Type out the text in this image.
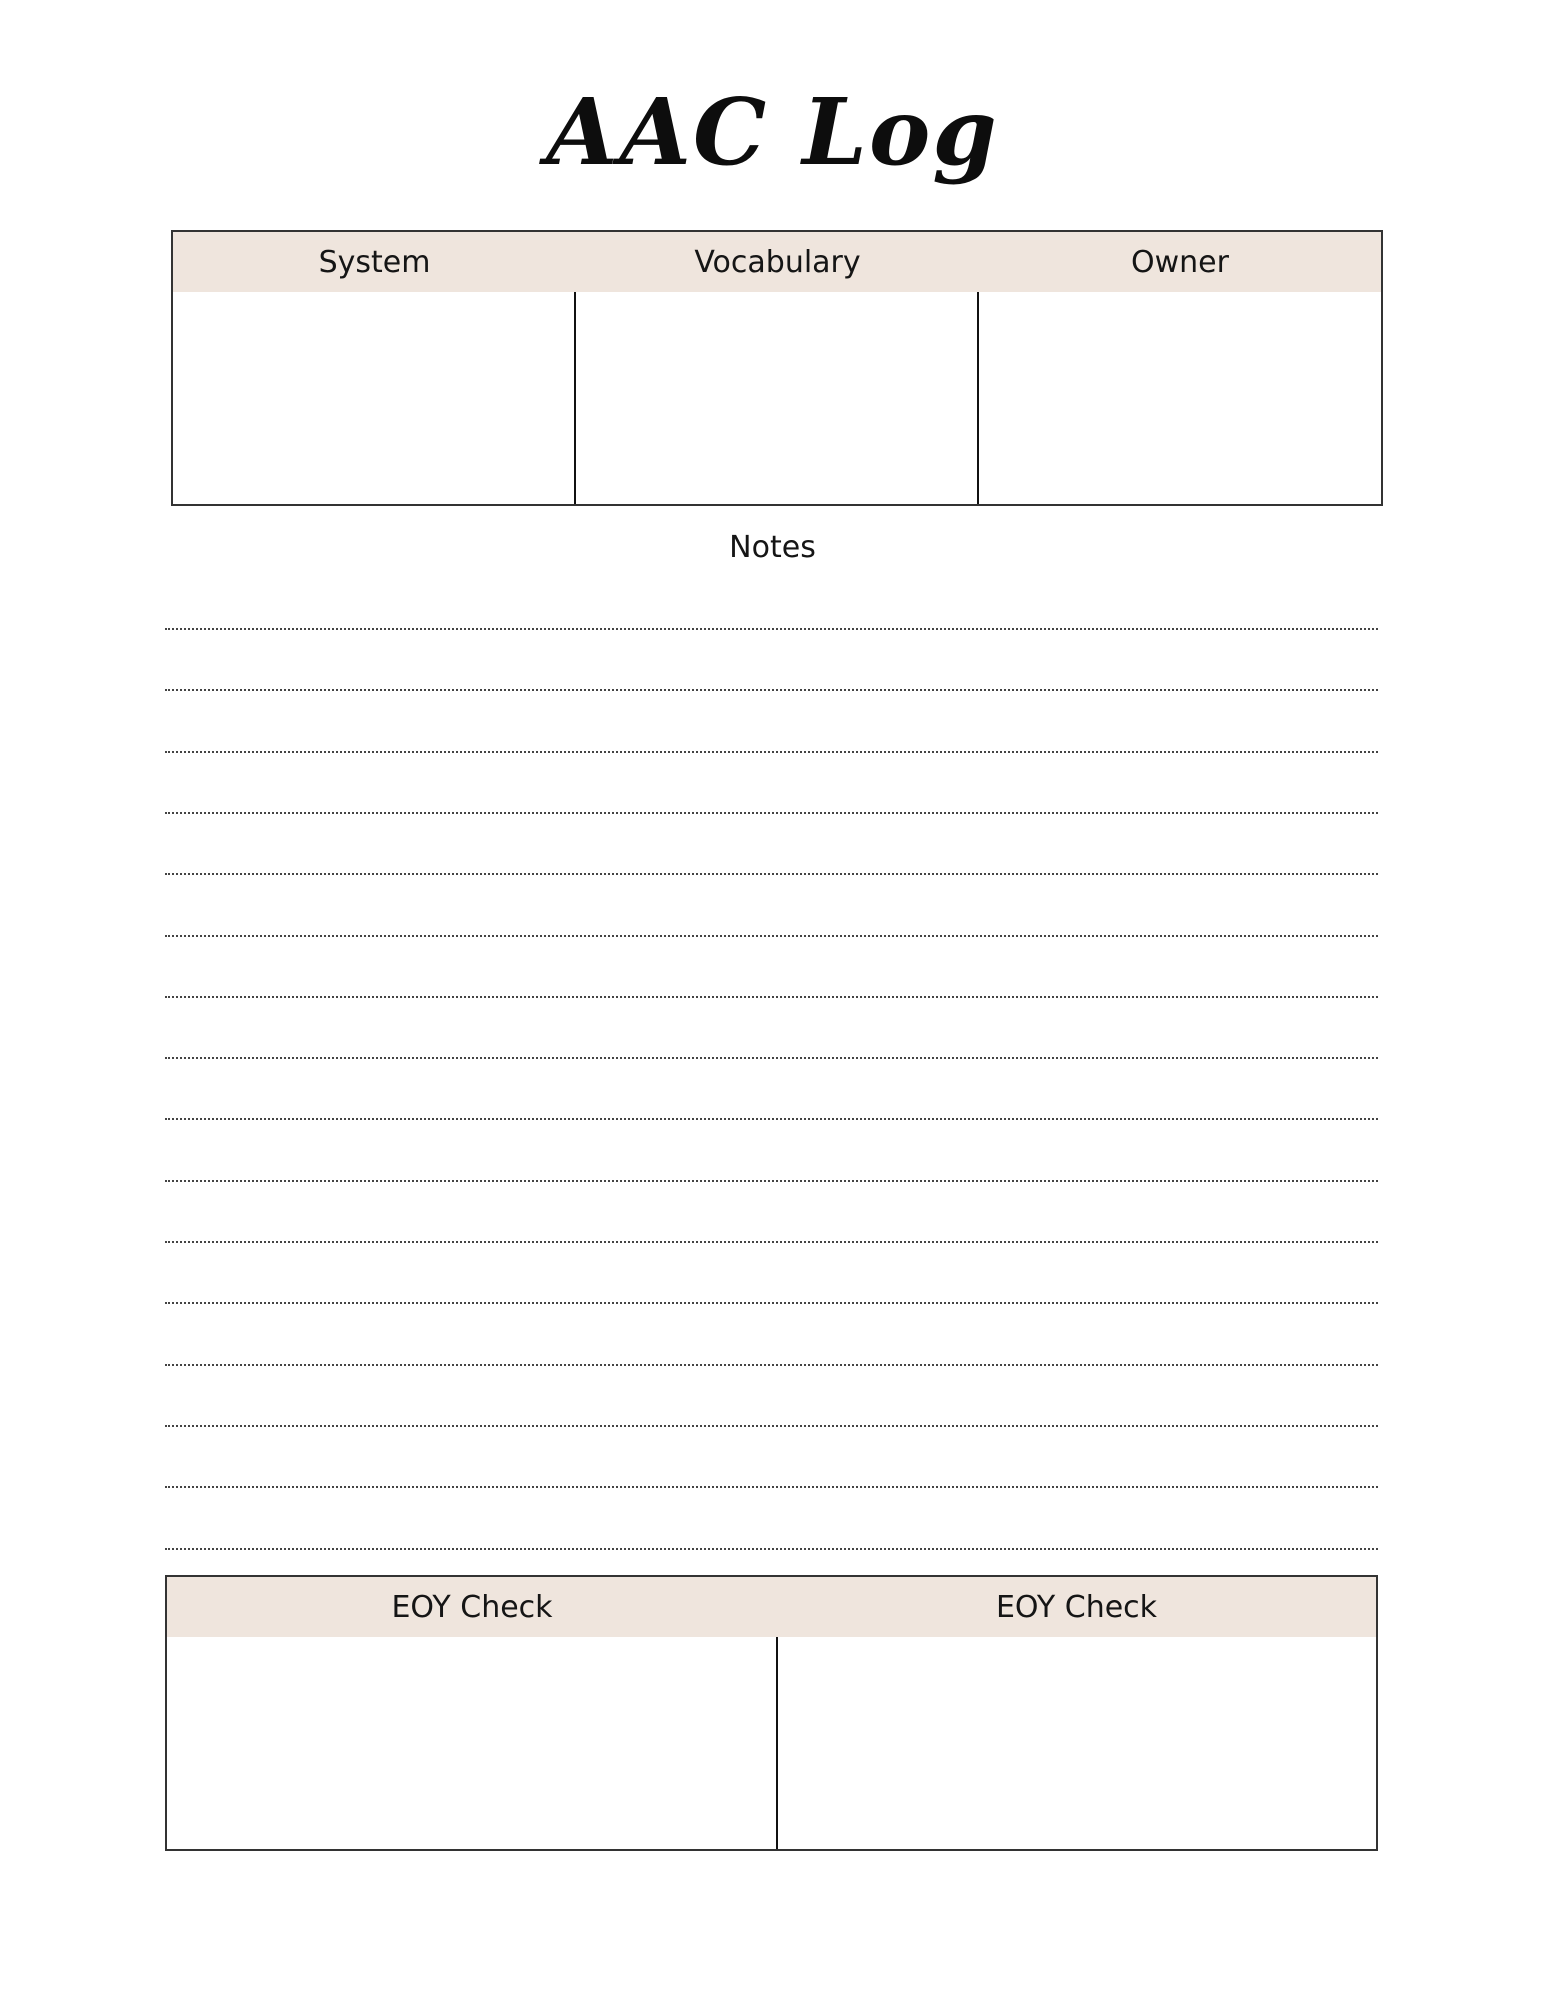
AAC Log
System	Vocabulary	Owner
Notes
EOY Check	EOY Check
